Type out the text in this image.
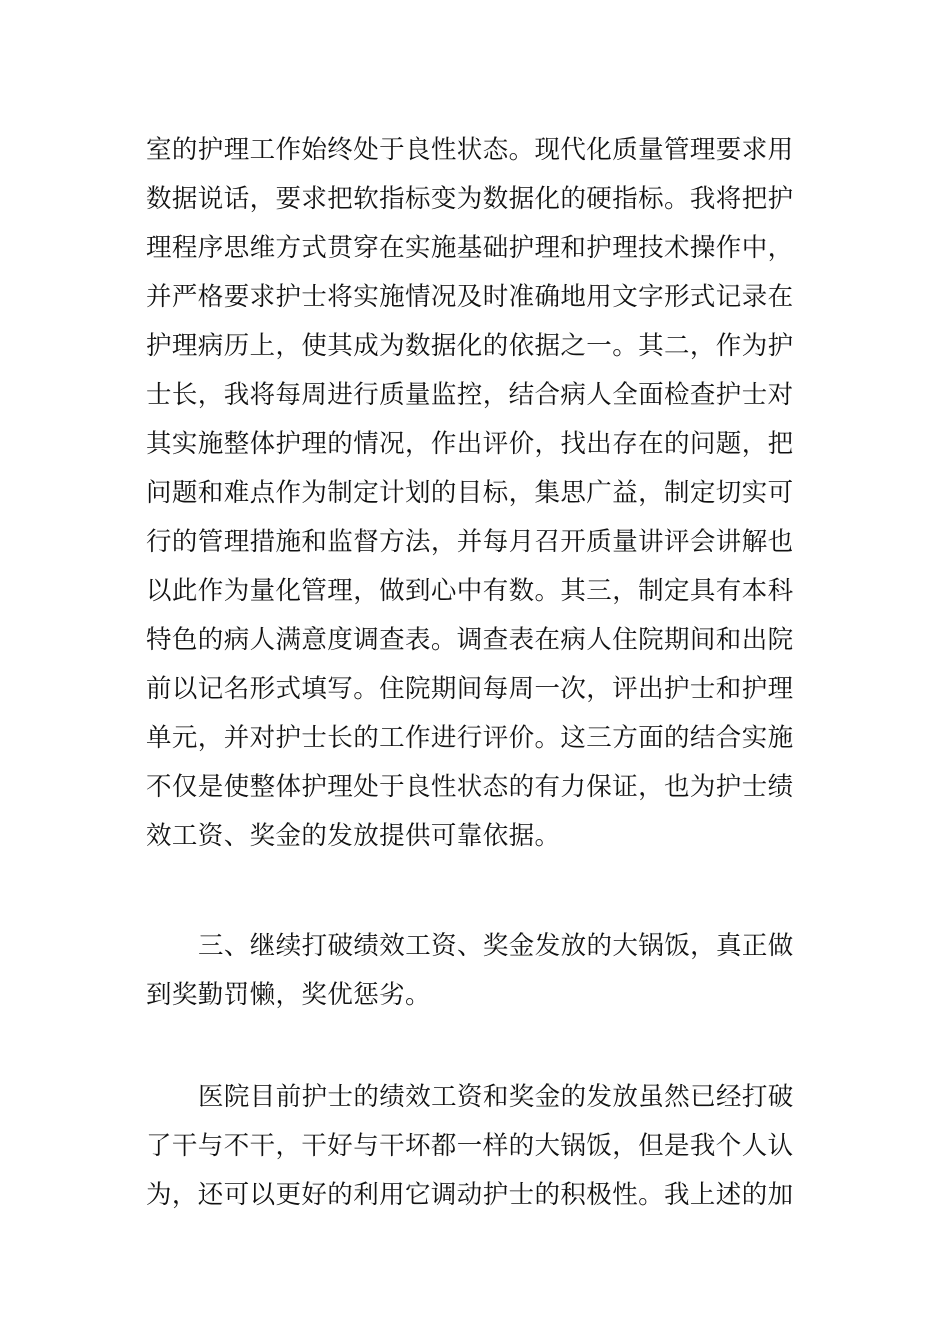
室的护理工作始终处于良性状态。现代化质量管理要求用
数据说话，要求把软指标变为数据化的硬指标。我将把护
理程序思维方式贯穿在实施基础护理和护理技术操作中，
并严格要求护士将实施情况及时准确地用文字形式记录在
护理病历上，使其成为数据化的依据之一。其二，作为护
士长，我将每周进行质量监控，结合病人全面检查护士对
其实施整体护理的情况，作出评价，找出存在的问题，把
问题和难点作为制定计划的目标，集思广益，制定切实可
行的管理措施和监督方法，并每月召开质量讲评会讲解也
以此作为量化管理，做到心中有数。其三，制定具有本科
特色的病人满意度调查表。调查表在病人住院期间和出院
前以记名形式填写。住院期间每周一次，评出护士和护理
单元，并对护士长的工作进行评价。这三方面的结合实施
不仅是使整体护理处于良性状态的有力保证，也为护士绩
效工资、奖金的发放提供可靠依据。
三、继续打破绩效工资、奖金发放的大锅饭，真正做
到奖勤罚懒，奖优惩劣。
医院目前护士的绩效工资和奖金的发放虽然已经打破
了干与不干，干好与干坏都一样的大锅饭，但是我个人认
为，还可以更好的利用它调动护士的积极性。我上述的加
